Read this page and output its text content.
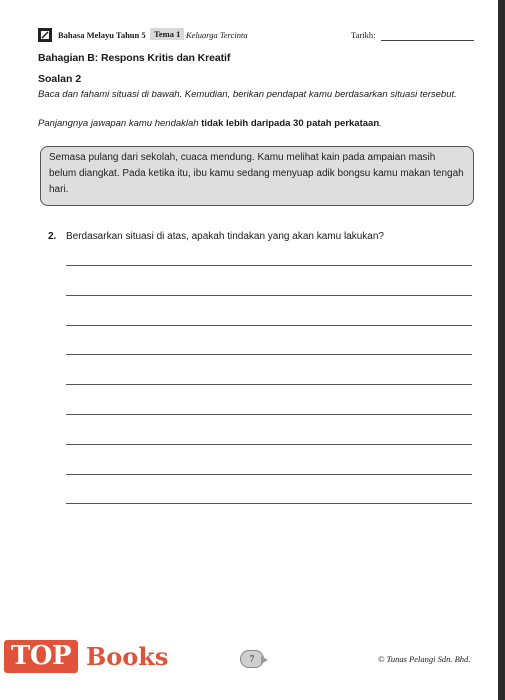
Bahasa Melayu Tahun 5 Tema 1 Keluarga Tercinta	Tarikh:
Bahagian B: Respons Kritis dan Kreatif
Soalan 2
Baca dan fahami situasi di bawah. Kemudian, berikan pendapat kamu berdasarkan situasi tersebut.
Panjangnya jawapan kamu hendaklah tidak lebih daripada 30 patah perkataan.
Semasa pulang dari sekolah, cuaca mendung. Kamu melihat kain pada ampaian masih belum diangkat. Pada ketika itu, ibu kamu sedang menyuap adik bongsu kamu makan tengah hari.
2. Berdasarkan situasi di atas, apakah tindakan yang akan kamu lakukan?
TOP Books	7	© Tunas Pelangi Sdn. Bhd.
